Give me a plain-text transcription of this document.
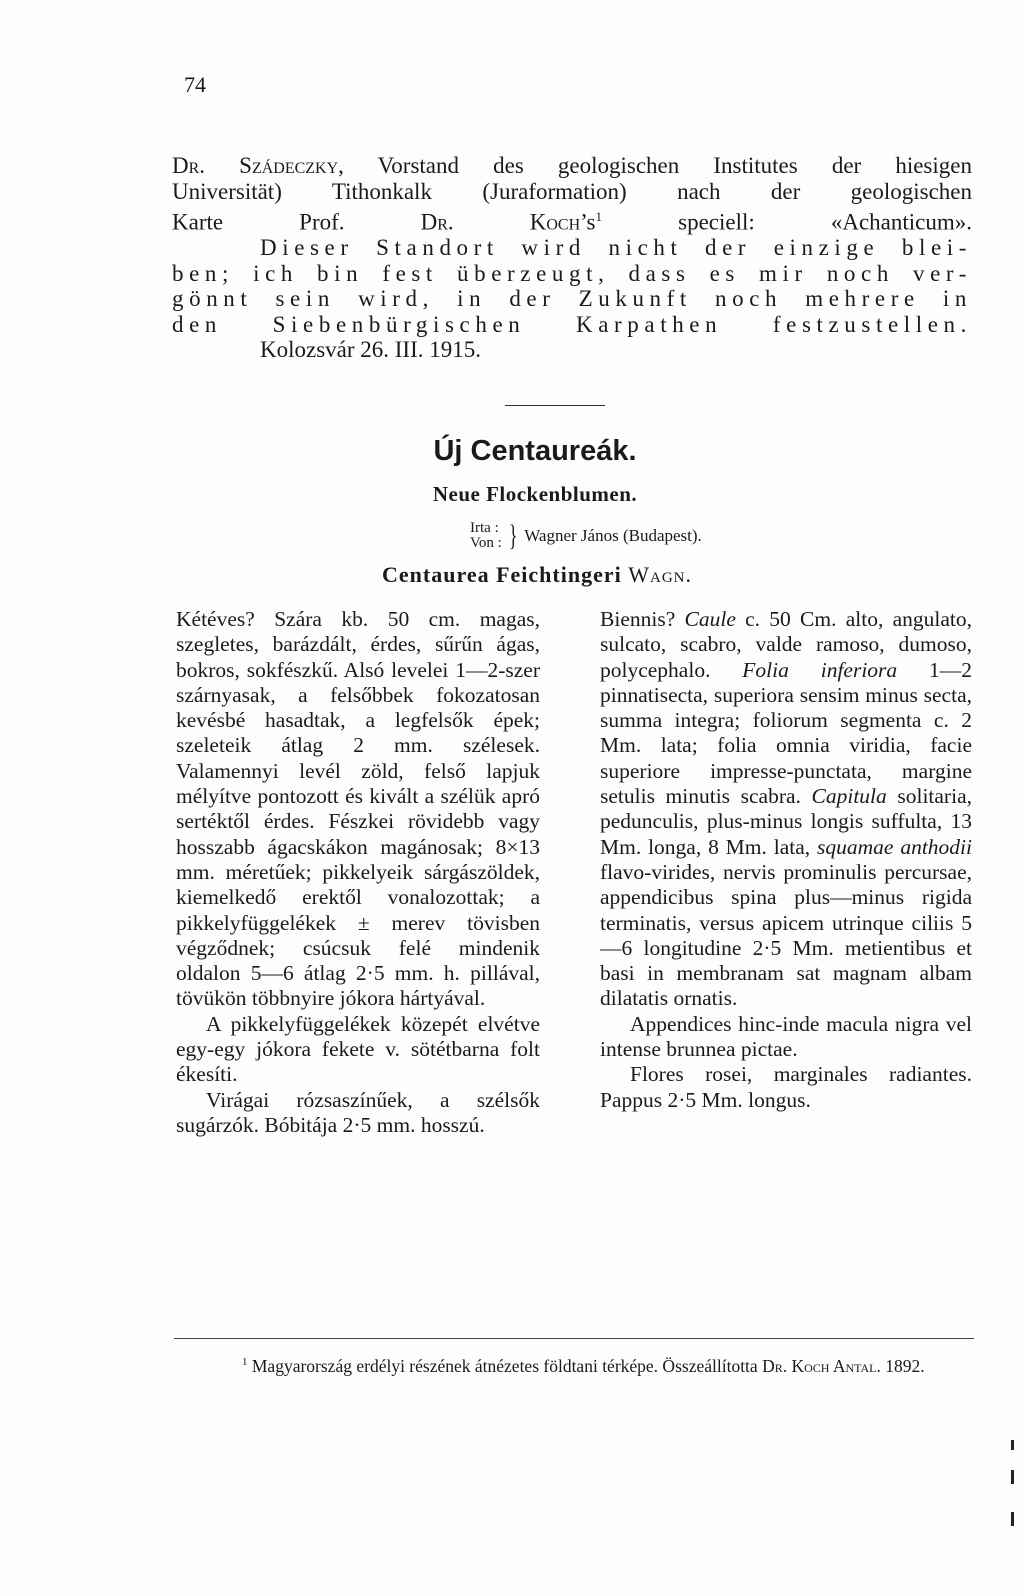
74

Dr. Szádeczky, Vorstand des geologischen Institutes der hiesigen

Universität) Tithonkalk (Juraformation) nach der geologischen

Karte Prof. Dr. $Koch’s^1$ speciell: «Achanticum».

Dieser Standort wird nicht der einzige blei-

ben; ich bin fest überzeugt, dass es mir noch ver-

gönnt sein wird, in der Zukunft noch mehrere in

den Siebenbürgischen Karpathen festzustellen.

Kolozsvár 26. III. 1915.

Új Centaureák.
Neue Flockenblumen.
Irta :
Von : } Wagner János (Budapest).
Centaurea Feichtingeri Wagn.

Kétéves? Szára kb. 50 cm. magas, szegletes, barázdált, érdes, sűrűn ágas, bokros, sokfészkű. Alsó levelei 1—2-szer szárnyasak, a felsőbbek fokozatosan kevésbé hasadtak, a legfelsők épek; szeleteik átlag 2 mm. szélesek. Valamennyi levél zöld, felső lapjuk mélyítve pontozott és kivált a szélük apró sertéktől érdes. Fészkei rövidebb vagy hosszabb ágacskákon magánosak; 8×13 mm. méretűek; pikkelyeik sárgászöldek, kiemelkedő erektől vonalozottak; a pikkelyfüggelékek ± merev tövisben végződnek; csúcsuk felé mindenik oldalon 5—6 átlag 2·5 mm. h. pillával, tövükön többnyire jókora hártyával.

A pikkelyfüggelékek közepét elvétve egy-egy jókora fekete v. sötétbarna folt ékesíti.

Virágai rózsaszínűek, a szélsők sugárzók. Bóbitája 2·5 mm. hosszú.

Biennis? Caule c. 50 Cm. alto, angulato, sulcato, scabro, valde ramoso, dumoso, polycephalo. Folia inferiora 1—2 pinnatisecta, superiora sensim minus secta, summa integra; foliorum segmenta c. 2 Mm. lata; folia omnia viridia, facie superiore impresse-punctata, margine setulis minutis scabra. Capitula solitaria, pedunculis, plus-minus longis suffulta, 13 Mm. longa, 8 Mm. lata, squamae anthodii flavo-virides, nervis prominulis percursae, appendicibus spina plus—minus rigida terminatis, versus apicem utrinque ciliis 5—6 longitudine 2·5 Mm. metientibus et basi in membranam sat magnam albam dilatatis ornatis.

Appendices hinc-inde macula nigra vel intense brunnea pictae.

Flores rosei, marginales radiantes. Pappus 2·5 Mm. longus.

$^1$ Magyarország erdélyi részének átnézetes földtani térképe. Összeállította Dr. Koch Antal. 1892.
